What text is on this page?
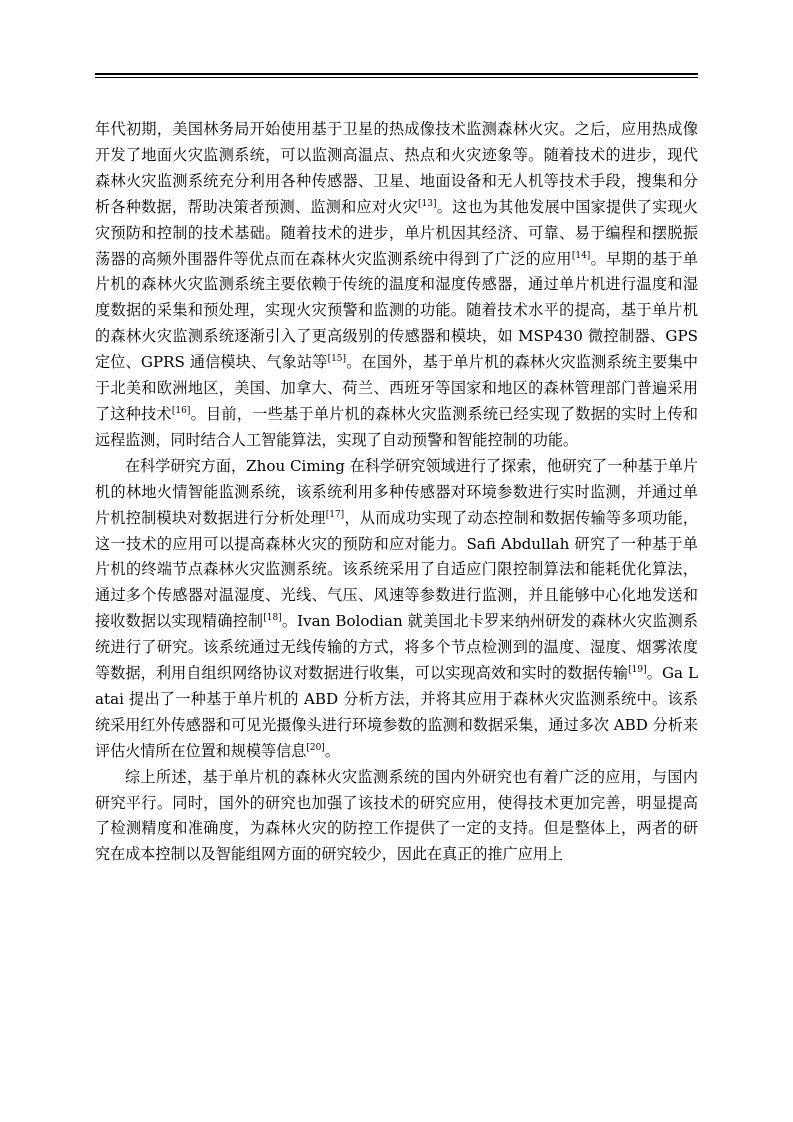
年代初期，美国林务局开始使用基于卫星的热成像技术监测森林火灾。之后，应用热成像开发了地面火灾监测系统，可以监测高温点、热点和火灾迹象等。随着技术的进步，现代森林火灾监测系统充分利用各种传感器、卫星、地面设备和无人机等技术手段，搜集和分析各种数据，帮助决策者预测、监测和应对火灾[13]。这也为其他发展中国家提供了实现火灾预防和控制的技术基础。随着技术的进步，单片机因其经济、可靠、易于编程和摆脱振荡器的高频外围器件等优点而在森林火灾监测系统中得到了广泛的应用[14]。早期的基于单片机的森林火灾监测系统主要依赖于传统的温度和湿度传感器，通过单片机进行温度和湿度数据的采集和预处理，实现火灾预警和监测的功能。随着技术水平的提高，基于单片机的森林火灾监测系统逐渐引入了更高级别的传感器和模块，如 MSP430 微控制器、GPS 定位、GPRS 通信模块、气象站等[15]。在国外，基于单片机的森林火灾监测系统主要集中于北美和欧洲地区，美国、加拿大、荷兰、西班牙等国家和地区的森林管理部门普遍采用了这种技术[16]。目前，一些基于单片机的森林火灾监测系统已经实现了数据的实时上传和远程监测，同时结合人工智能算法，实现了自动预警和智能控制的功能。

在科学研究方面，Zhou Ciming 在科学研究领域进行了探索，他研究了一种基于单片机的林地火情智能监测系统，该系统利用多种传感器对环境参数进行实时监测，并通过单片机控制模块对数据进行分析处理[17]，从而成功实现了动态控制和数据传输等多项功能，这一技术的应用可以提高森林火灾的预防和应对能力。Safi Abdullah 研究了一种基于单片机的终端节点森林火灾监测系统。该系统采用了自适应门限控制算法和能耗优化算法，通过多个传感器对温湿度、光线、气压、风速等参数进行监测，并且能够中心化地发送和接收数据以实现精确控制[18]。Ivan Bolodian 就美国北卡罗来纳州研发的森林火灾监测系统进行了研究。该系统通过无线传输的方式，将多个节点检测到的温度、湿度、烟雾浓度等数据，利用自组织网络协议对数据进行收集，可以实现高效和实时的数据传输[19]。Ga Latai 提出了一种基于单片机的 ABD 分析方法，并将其应用于森林火灾监测系统中。该系统采用红外传感器和可见光摄像头进行环境参数的监测和数据采集，通过多次 ABD 分析来评估火情所在位置和规模等信息[20]。

综上所述，基于单片机的森林火灾监测系统的国内外研究也有着广泛的应用，与国内研究平行。同时，国外的研究也加强了该技术的研究应用，使得技术更加完善，明显提高了检测精度和准确度，为森林火灾的防控工作提供了一定的支持。但是整体上，两者的研究在成本控制以及智能组网方面的研究较少，因此在真正的推广应用上
